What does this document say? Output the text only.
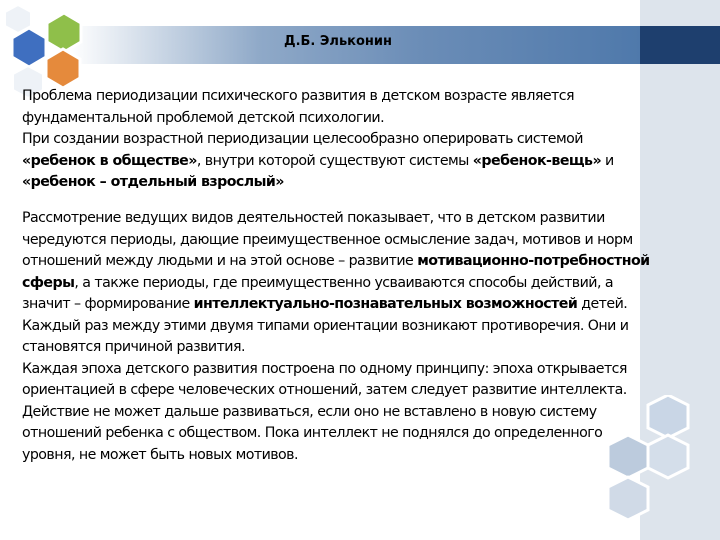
Д.Б. Эльконин
Проблема периодизации психического развития в детском возрасте является
фундаментальной проблемой детской психологии.
При создании возрастной периодизации целесообразно оперировать системой
«ребенок в обществе», внутри которой существуют системы «ребенок-вещь» и
«ребенок – отдельный взрослый»
Рассмотрение ведущих видов деятельностей показывает, что в детском развитии
чередуются периоды, дающие преимущественное осмысление задач, мотивов и норм
отношений между людьми и на этой основе – развитие мотивационно-потребностной
сферы, а также периоды, где преимущественно усваиваются способы действий, а
значит – формирование интеллектуально-познавательных возможностей детей.
Каждый раз между этими двумя типами ориентации возникают противоречия. Они и
становятся причиной развития.
Каждая эпоха детского развития построена по одному принципу: эпоха открывается
ориентацией в сфере человеческих отношений, затем следует развитие интеллекта.
Действие не может дальше развиваться, если оно не вставлено в новую систему
отношений ребенка с обществом. Пока интеллект не поднялся до определенного
уровня, не может быть новых мотивов.
